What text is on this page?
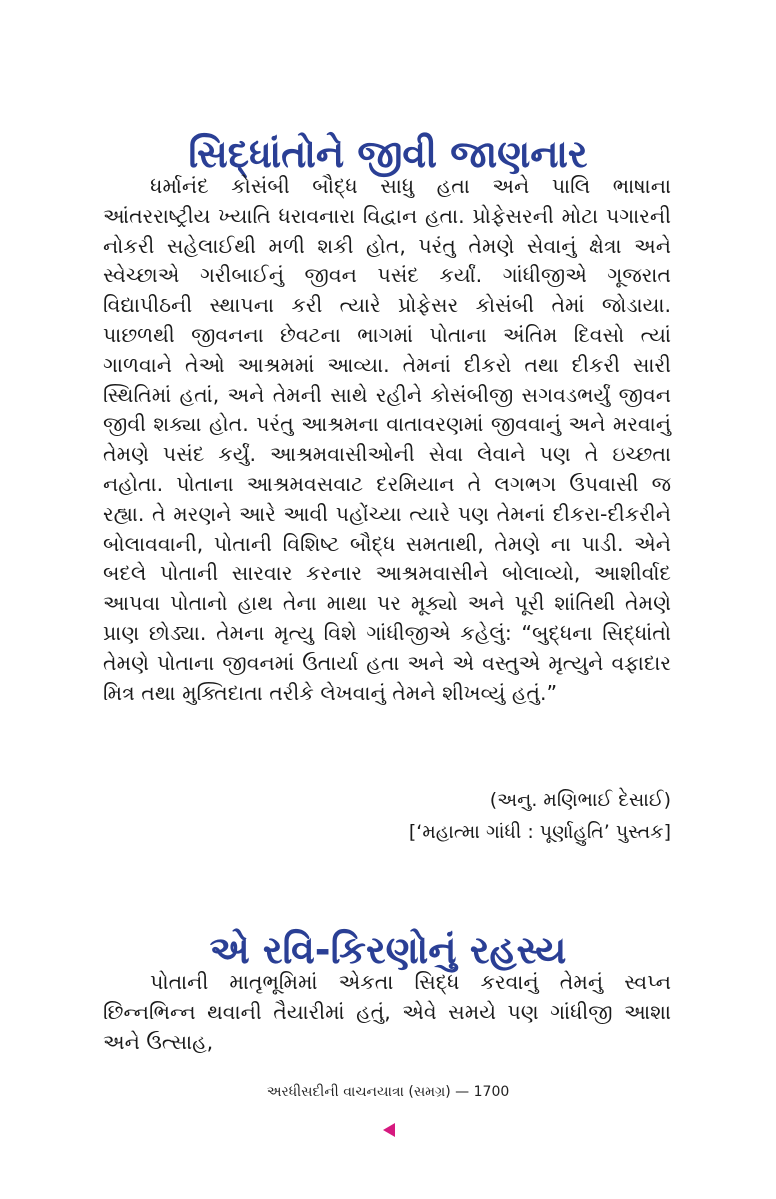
સિદ્ધાંતોને જીવી જાણનાર

ધર્માનંદ કોસંબી બૌદ્ધ સાધુ હતા અને પાલિ ભાષાના આંતરરાષ્ટ્રીય ખ્યાતિ ધરાવનારા વિદ્વાન હતા. પ્રોફેસરની મોટા પગારની નોકરી સહેલાઈથી મળી શકી હોત, પરંતુ તેમણે સેવાનું ક્ષેત્રા અને સ્વેચ્છાએ ગરીબાઈનું જીવન પસંદ કર્યાં. ગાંધીજીએ ગૂજરાત વિદ્યાપીઠની સ્થાપના કરી ત્યારે પ્રોફેસર કોસંબી તેમાં જોડાયા. પાછળથી જીવનના છેવટના ભાગમાં પોતાના અંતિમ દિવસો ત્યાં ગાળવાને તેઓ આશ્રમમાં આવ્યા. તેમનાં દીકરો તથા દીકરી સારી સ્થિતિમાં હતાં, અને તેમની સાથે રહીને કોસંબીજી સગવડભર્યું જીવન જીવી શક્યા હોત. પરંતુ આશ્રમના વાતાવરણમાં જીવવાનું અને મરવાનું તેમણે પસંદ કર્યું. આશ્રમવાસીઓની સેવા લેવાને પણ તે ઇચ્છતા નહોતા. પોતાના આશ્રમવસવાટ દરમિયાન તે લગભગ ઉપવાસી જ રહ્યા. તે મરણને આરે આવી પહોંચ્યા ત્યારે પણ તેમનાં દીકરા-દીકરીને બોલાવવાની, પોતાની વિશિષ્ટ બૌદ્ધ સમતાથી, તેમણે ના પાડી. એને બદલે પોતાની સારવાર કરનાર આશ્રમવાસીને બોલાવ્યો, આશીર્વાદ આપવા પોતાનો હાથ તેના માથા પર મૂક્યો અને પૂરી શાંતિથી તેમણે પ્રાણ છોડ્યા. તેમના મૃત્યુ વિશે ગાંધીજીએ કહેલું: “બુદ્ધના સિદ્ધાંતો તેમણે પોતાના જીવનમાં ઉતાર્યા હતા અને એ વસ્તુએ મૃત્યુને વફાદાર મિત્ર તથા મુક્તિદાતા તરીકે લેખવાનું તેમને શીખવ્યું હતું.”

(અનુ. મણિભાઈ દેસાઈ)
[‘મહાત્મા ગાંધી : પૂર્ણાહુતિ’ પુસ્તક]
એ રવિ-કિરણોનું રહસ્ય

પોતાની માતૃભૂમિમાં એકતા સિદ્ધ કરવાનું તેમનું સ્વપ્ન છિન્નભિન્ન થવાની તૈયારીમાં હતું, એવે સમયે પણ ગાંધીજી આશા અને ઉત્સાહ,

અરધીસદીની વાચનયાત્રા (સમગ્ર) — 1700
